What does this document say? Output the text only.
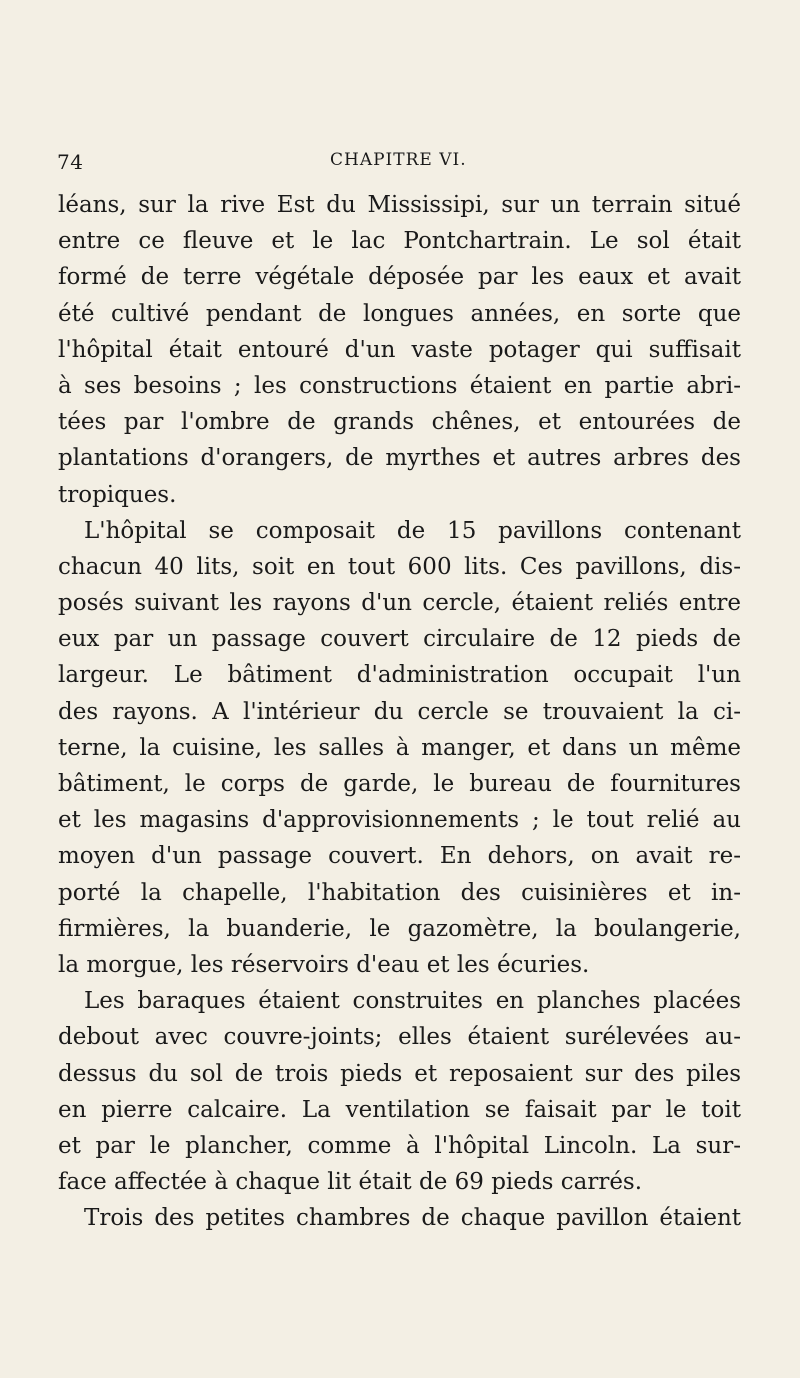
74	CHAPITRE VI.
léans, sur la rive Est du Mississipi, sur un terrain situé
entre ce fleuve et le lac Pontchartrain. Le sol était
formé de terre végétale déposée par les eaux et avait
été cultivé pendant de longues années, en sorte que
l'hôpital était entouré d'un vaste potager qui suffisait
à ses besoins ; les constructions étaient en partie abri-
tées par l'ombre de grands chênes, et entourées de
plantations d'orangers, de myrthes et autres arbres des
tropiques.
L'hôpital se composait de 15 pavillons contenant
chacun 40 lits, soit en tout 600 lits. Ces pavillons, dis-
posés suivant les rayons d'un cercle, étaient reliés entre
eux par un passage couvert circulaire de 12 pieds de
largeur. Le bâtiment d'administration occupait l'un
des rayons. A l'intérieur du cercle se trouvaient la ci-
terne, la cuisine, les salles à manger, et dans un même
bâtiment, le corps de garde, le bureau de fournitures
et les magasins d'approvisionnements ; le tout relié au
moyen d'un passage couvert. En dehors, on avait re-
porté la chapelle, l'habitation des cuisinières et in-
firmières, la buanderie, le gazomètre, la boulangerie,
la morgue, les réservoirs d'eau et les écuries.
Les baraques étaient construites en planches placées
debout avec couvre-joints; elles étaient surélevées au-
dessus du sol de trois pieds et reposaient sur des piles
en pierre calcaire. La ventilation se faisait par le toit
et par le plancher, comme à l'hôpital Lincoln. La sur-
face affectée à chaque lit était de 69 pieds carrés.
Trois des petites chambres de chaque pavillon étaient
